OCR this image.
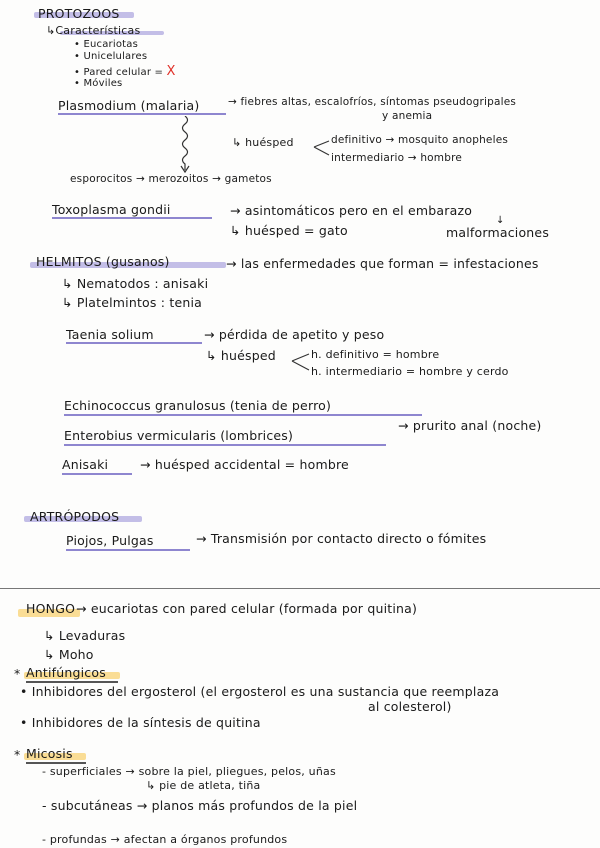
PROTOZOOS
↳Características
• Eucariotas
• Unicelulares
• Pared celular = X
• Móviles
Plasmodium (malaria)	→ fiebres altas, escalofríos, síntomas pseudogripales
y anemia
↳ huésped	definitivo → mosquito anopheles
intermediario → hombre
esporocitos → merozoitos → gametos
Toxoplasma gondii	→ asintomáticos pero en el embarazo
↳ huésped = gato
↓
malformaciones
HELMITOS (gusanos)	→ las enfermedades que forman = infestaciones
↳ Nematodos : anisaki
↳ Platelmintos : tenia
Taenia solium	→ pérdida de apetito y peso
↳ huésped	h. definitivo = hombre
h. intermediario = hombre y cerdo
Echinococcus granulosus (tenia de perro)
Enterobius vermicularis (lombrices)
→ prurito anal (noche)
Anisaki	→ huésped accidental = hombre
ARTRÓPODOS
Piojos, Pulgas	→ Transmisión por contacto directo o fómites
HONGO → eucariotas con pared celular (formada por quitina)
↳ Levaduras
↳ Moho
* Antifúngicos
• Inhibidores del ergosterol (el ergosterol es una sustancia que reemplaza
al colesterol)
• Inhibidores de la síntesis de quitina
* Micosis
- superficiales → sobre la piel, pliegues, pelos, uñas
↳ pie de atleta, tiña
- subcutáneas → planos más profundos de la piel
- profundas → afectan a órganos profundos
